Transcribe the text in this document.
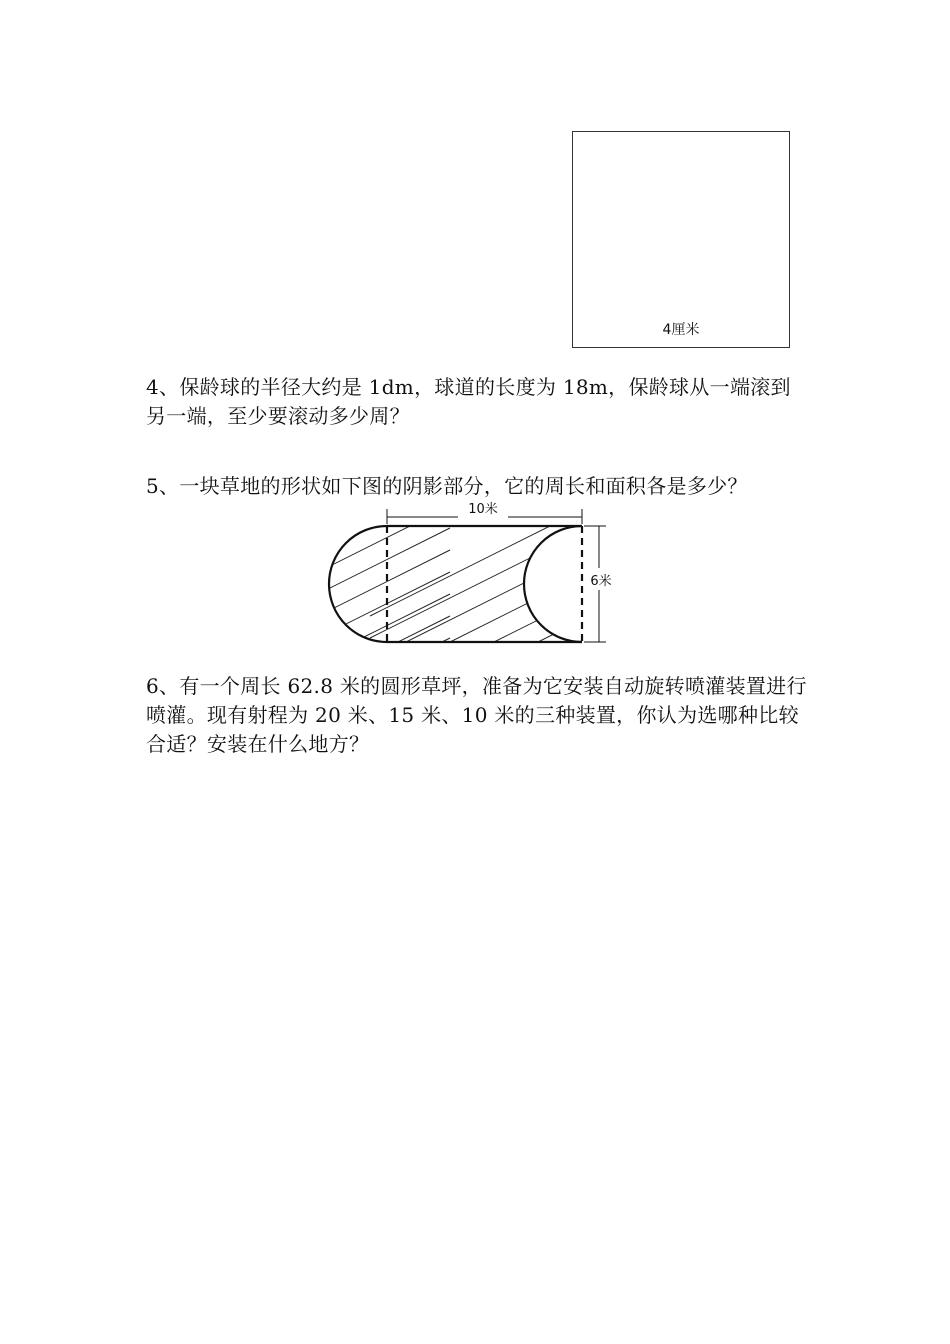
4厘米

4、保龄球的半径大约是 1dm，球道的长度为 18m，保龄球从一端滚到另一端，至少要滚动多少周？

5、一块草地的形状如下图的阴影部分，它的周长和面积各是多少？

10米
6米

6、有一个周长 62.8 米的圆形草坪，准备为它安装自动旋转喷灌装置进行喷灌。现有射程为 20 米、15 米、10 米的三种装置，你认为选哪种比较合适？安装在什么地方？
